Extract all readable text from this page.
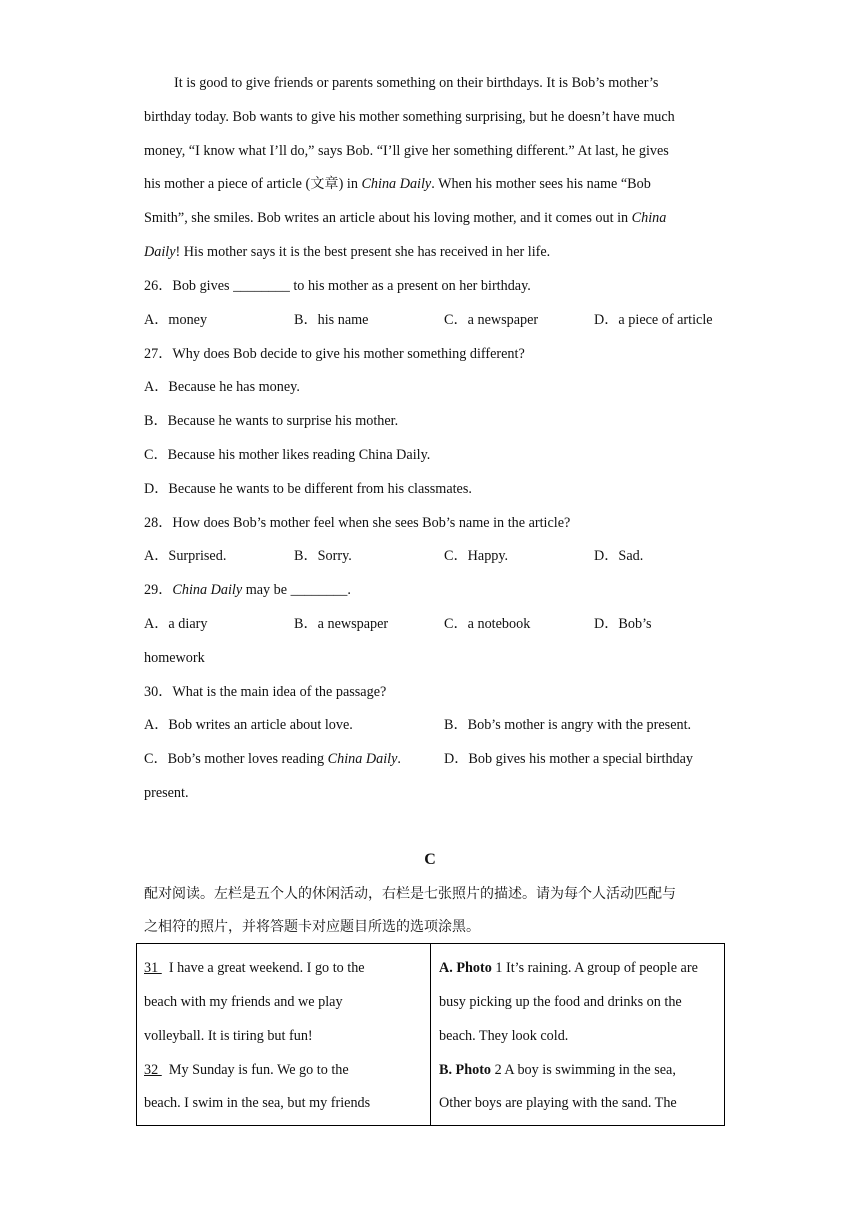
It is good to give friends or parents something on their birthdays. It is Bob’s mother’s
birthday today. Bob wants to give his mother something surprising, but he doesn’t have much
money, “I know what I’ll do,” says Bob. “I’ll give her something different.” At last, he gives
his mother a piece of article (文章) in China Daily. When his mother sees his name “Bob
Smith”, she smiles. Bob writes an article about his loving mother, and it comes out in China
Daily! His mother says it is the best present she has received in her life.
26．Bob gives ________ to his mother as a present on her birthday.
A．money	B．his name	C．a newspaper	D．a piece of article
27．Why does Bob decide to give his mother something different?
A．Because he has money.
B．Because he wants to surprise his mother.
C．Because his mother likes reading China Daily.
D．Because he wants to be different from his classmates.
28．How does Bob’s mother feel when she sees Bob’s name in the article?
A．Surprised.	B．Sorry.	C．Happy.	D．Sad.
29．China Daily may be ________.
A．a diary	B．a newspaper	C．a notebook	D．Bob’s
homework
30．What is the main idea of the passage?
A．Bob writes an article about love.	B．Bob’s mother is angry with the present.
C．Bob’s mother loves reading China Daily.	D．Bob gives his mother a special birthday
present.
C
配对阅读。左栏是五个人的休闲活动，右栏是七张照片的描述。请为每个人活动匹配与
之相符的照片，并将答题卡对应题目所选的选项涂黑。
31   I have a great weekend. I go to the
beach with my friends and we play
volleyball. It is tiring but fun!
32   My Sunday is fun. We go to the
beach. I swim in the sea, but my friends

A. Photo 1 It’s raining. A group of people are
busy picking up the food and drinks on the
beach. They look cold.
B. Photo 2 A boy is swimming in the sea,
Other boys are playing with the sand. The
